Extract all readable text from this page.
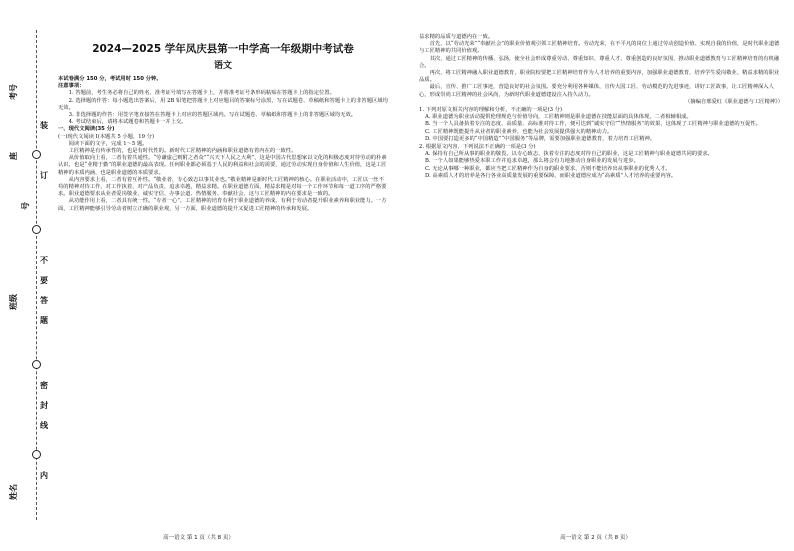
考号
座
号
班级
姓名
装
订
不
要
答
题
密
封
线
内
2024—2025 学年凤庆县第一中学高一年级期中考试卷
语文

本试卷满分 150 分，考试用时 150 分钟。

注意事项：

1. 答题前，考生务必将自己的姓名、准考证号填写在答题卡上，并将准考证号条形码粘贴在答题卡上的指定位置。

2. 选择题的作答：每小题选出答案后，用 2B 铅笔把答题卡上对应题目的答案标号涂黑，写在试题卷、草稿纸和答题卡上的非答题区域均无效。

3. 非选择题的作答：用签字笔直接答在答题卡上对应的答题区域内。写在试题卷、草稿纸和答题卡上的非答题区域均无效。

4. 考试结束后，请将本试题卷和答题卡一并上交。

一、现代文阅读(35 分)

(一)现代文阅读 Ⅰ(本题共 5 小题，19 分)

阅读下面的文字，完成 1～5 题。

工匠精神是有传承性的，也是有时代性的。新时代工匠精神的内涵和职业道德有着内在的一致性。

从价值取向上看，二者有着共通性。“劳谦虚己则附之者众”“兴天下人民之大利”，这是中国古代思想家以文化的积极态度对待劳动的朴素认识，也是“业精于勤”的职业道德的最高表现。任何职业都必须基于人民的利益和社会的需要，通过劳动实现自身价值和人生价值，这是工匠精神的本质内涵，也是职业道德的本质要求。

从内容要求上看，二者有着互补性。“敬业者，专心致志以事其业也。”敬业精神是新时代工匠精神的核心。在职业活动中，工匠以一丝不苟的精神对待工作，对工作执着、对产品负责，追求卓越，精益求精。在职业道德方面，精益求精是对每一个工作环节和每一道工序的严格要求。职业道德要求从业者爱岗敬业、诚实守信、办事公道、热情服务、奉献社会，这与工匠精神的内在要求是一致的。

从功能作用上看，二者具有统一性。“专者一心”，工匠精神的培育有利于职业道德的养成，有利于劳动者提升职业素养和职业能力。一方面，工匠精神能够引导劳动者树立正确的职业观，另一方面，职业道德的提升又促进工匠精神的传承和发展。

高一语文 第 1 页（共 8 页）

益求精的品质与道德内在一致。

首先，以“劳动光荣”“奉献社会”的职业价值观引领工匠精神培育。劳动光荣，在不平凡的岗位上通过劳动创造价值、实现自我的价值，是时代职业道德与工匠精神的共同价值观。

其次，通过工匠精神的传播、弘扬，使全社会形成尊重劳动、尊重知识、尊重人才、尊重创造的良好氛围，推动职业道德教育与工匠精神培育的有机融合。

再次，将工匠精神融入职业道德教育，职业院校要把工匠精神培育作为人才培养的重要内容，加强职业道德教育，培养学生爱岗敬业、精益求精的职业品质。

最后，宣传、推广工匠事迹，营造良好的社会氛围。要充分利用各种媒体，宣传大国工匠、劳动模范的先进事迹，讲好工匠故事，让工匠精神深入人心，形成崇尚工匠精神的社会风尚，为新时代职业道德建设注入持久动力。

（摘编自邢爱红《职业道德与工匠精神》）

1. 下列对原文相关内容的理解和分析，不正确的一项是(3 分)

A. 职业道德为职业活动提供伦理规范与价值导向，工匠精神则是职业道德在技能层面的具体体现，二者相辅相成。

B. 当一个人具备执着专注的态度、高质量、高标准对待工作，便可达到“诚实守信”“热情服务”的效果，这体现了工匠精神与职业道德的互促性。

C. 工匠精神既能提升从业者的职业素养，也能为社会发展提供强大的精神动力。

D. 中国要打造更多的“中国精造”“中国服务”等品牌，需要加强职业道德教育，着力培育工匠精神。

2. 根据原文内容，下列说法不正确的一项是(3 分)

A. 保持有自己所从事的职业的敬畏，以专心致志、执着专注的态度对待自己的职业，这是工匠精神与职业道德共同的要求。

B. 一个人如果能够热爱本职工作并追求卓越，那么将会有力地推动自身职业的发展与进步。

C. 无论从事哪一种职业，都应当把工匠精神作为自身的职业要求，否则不能培养出从事职业的优秀人才。

D. 高素质人才的培养是各行各业高质量发展的重要保障，而职业道德应成为“高素质”人才培养的重要内容。

高一语文 第 2 页（共 8 页）
